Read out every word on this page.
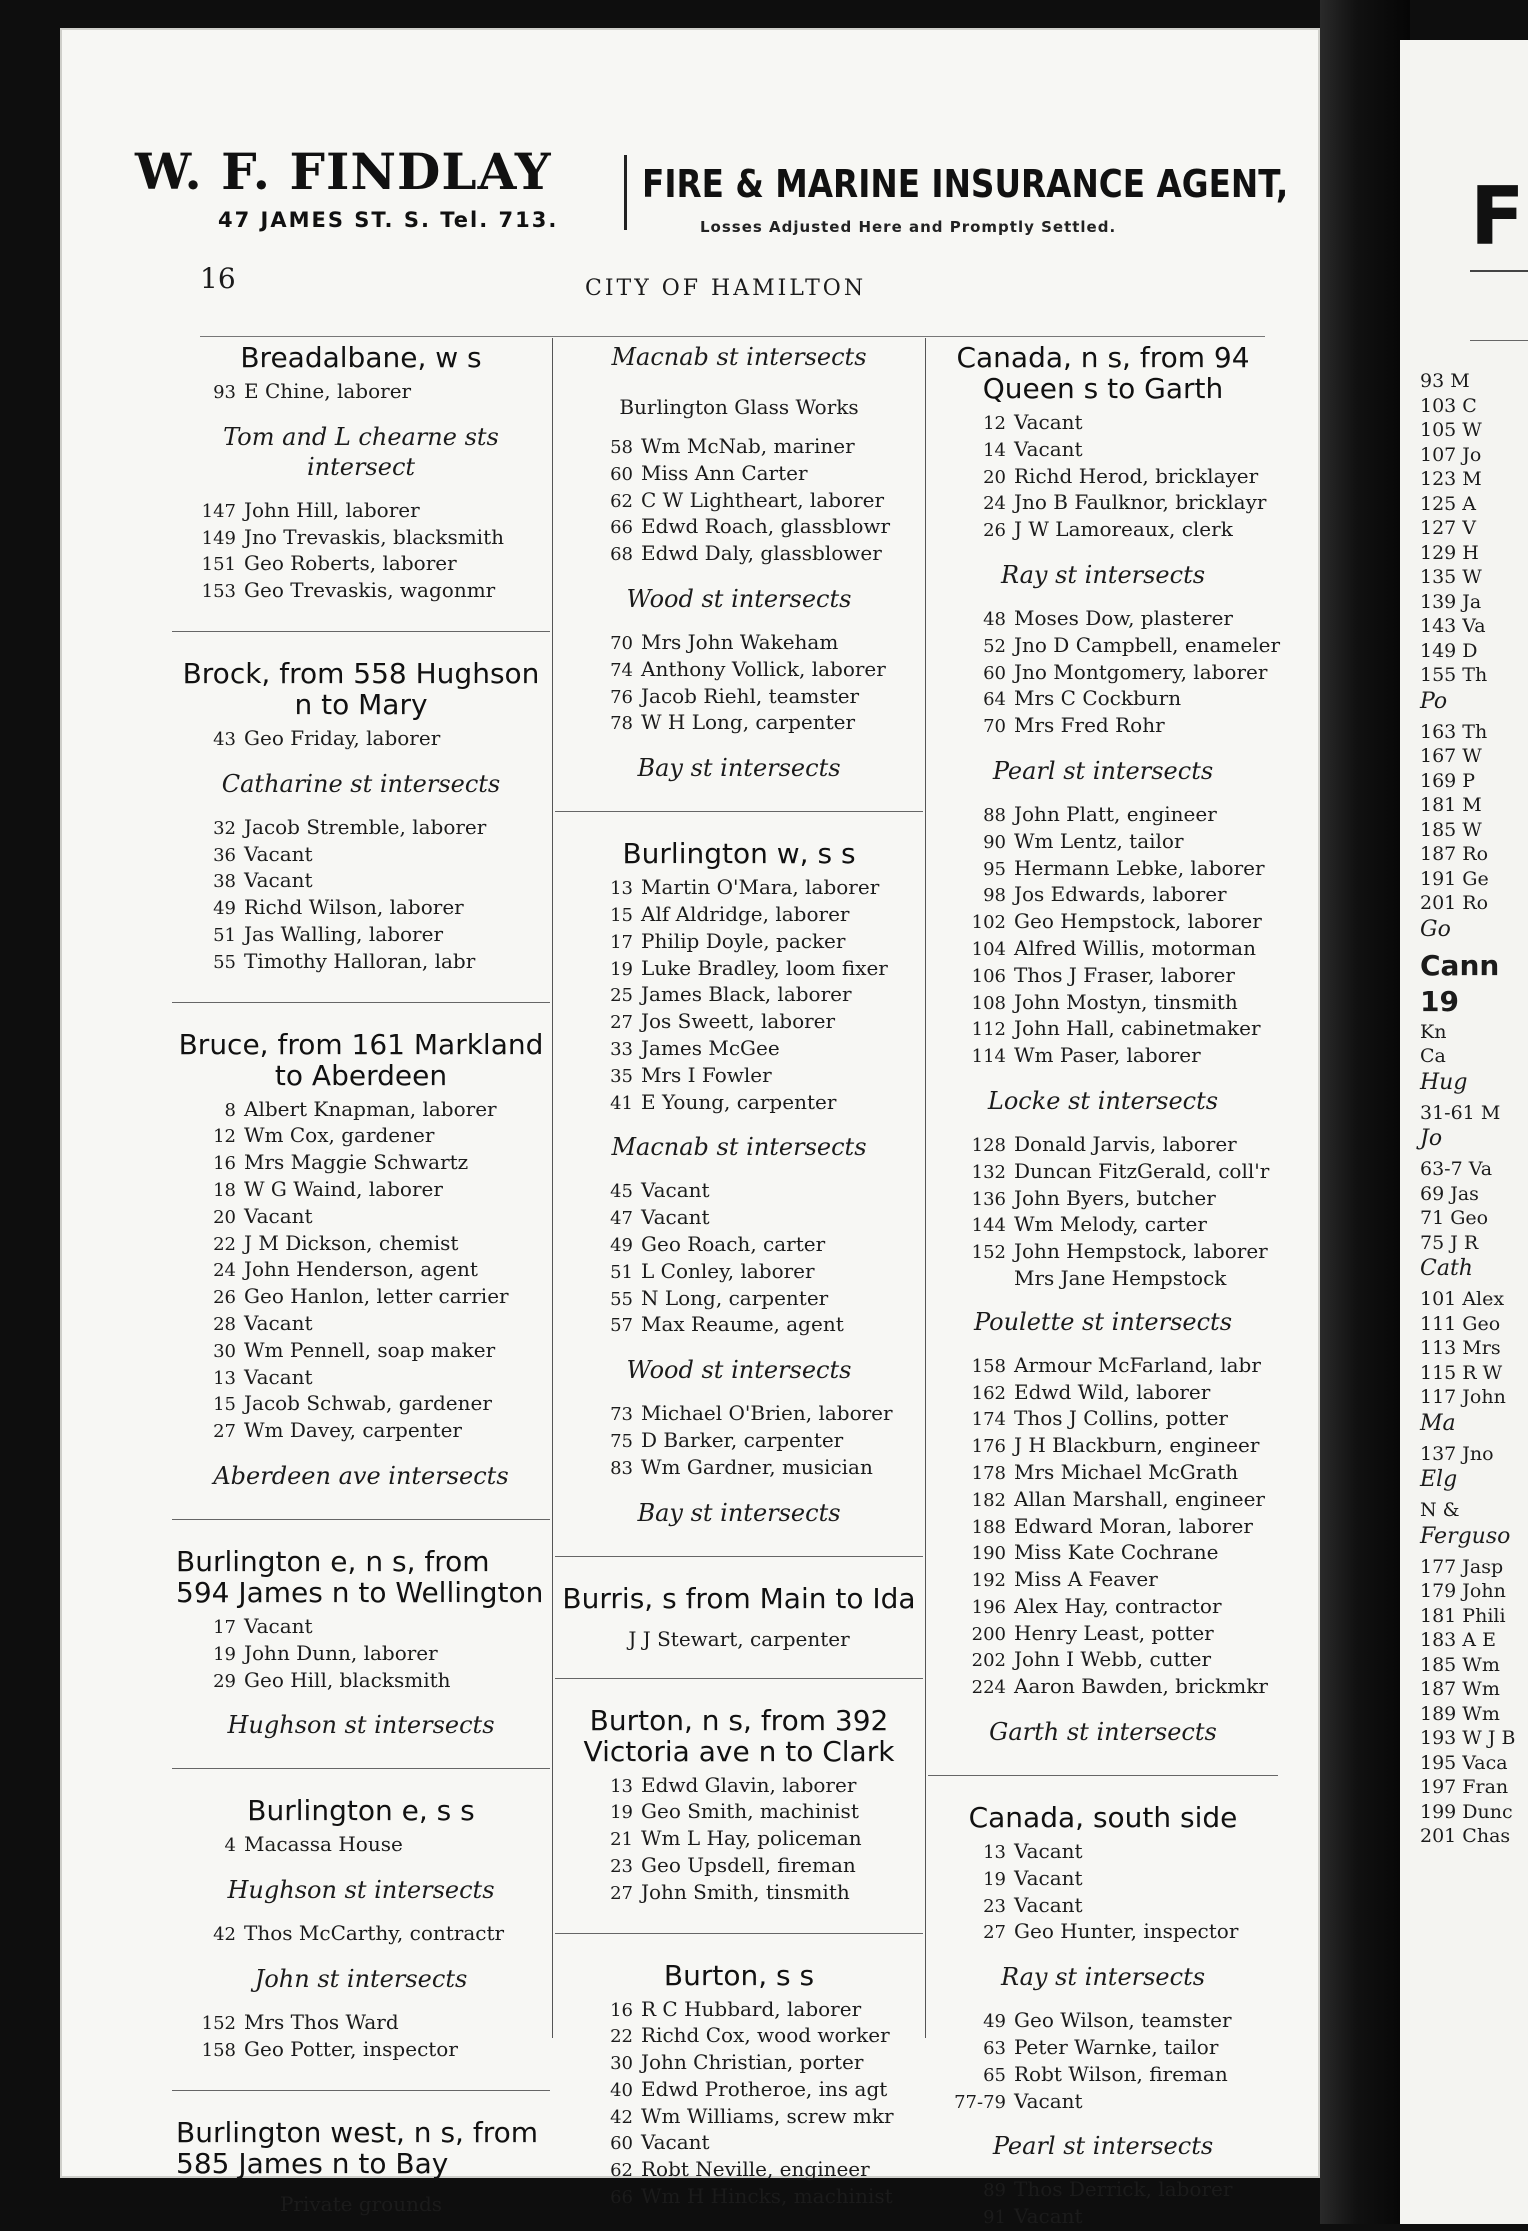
F
93 M
103 C
105 W
107 Jo
123 M
125 A
127 V
129 H
135 W
139 Ja
143 Va
149 D
155 Th
Po
163 Th
167 W
169 P
181 M
185 W
187 Ro
191 Ge
201 Ro
Go
Cann
19
Kn
Ca
Hug
31-61 M
Jo
63-7 Va
69 Jas
71 Geo
75 J R
Cath
101 Alex
111 Geo
113 Mrs
115 R W
117 John
Ma
137 Jno
Elg
N &
Ferguso
177 Jasp
179 John
181 Phili
183 A E
185 Wm
187 Wm
189 Wm
193 W J B
195 Vaca
197 Fran
199 Dunc
201 Chas
W. F. FINDLAY
47 JAMES ST. S. Tel. 713.
FIRE & MARINE INSURANCE AGENT,
Losses Adjusted Here and Promptly Settled.
16	CITY OF HAMILTON
Breadalbane, w s
93 E Chine, laborer
Tom and L chearne sts intersect
147 John Hill, laborer
149 Jno Trevaskis, blacksmith
151 Geo Roberts, laborer
153 Geo Trevaskis, wagonmr
Brock, from 558 Hughson n to Mary
43 Geo Friday, laborer
Catharine st intersects
32 Jacob Stremble, laborer
36 Vacant
38 Vacant
49 Richd Wilson, laborer
51 Jas Walling, laborer
55 Timothy Halloran, labr
Bruce, from 161 Markland to Aberdeen
8 Albert Knapman, laborer
12 Wm Cox, gardener
16 Mrs Maggie Schwartz
18 W G Waind, laborer
20 Vacant
22 J M Dickson, chemist
24 John Henderson, agent
26 Geo Hanlon, letter carrier
28 Vacant
30 Wm Pennell, soap maker
13 Vacant
15 Jacob Schwab, gardener
27 Wm Davey, carpenter
Aberdeen ave intersects
Burlington e, n s, from 594 James n to Wellington
17 Vacant
19 John Dunn, laborer
29 Geo Hill, blacksmith
Hughson st intersects
Burlington e, s s
4 Macassa House
Hughson st intersects
42 Thos McCarthy, contractr
John st intersects
152 Mrs Thos Ward
158 Geo Potter, inspector
Burlington west, n s, from 585 James n to Bay
Private grounds
Macnab st intersects
Burlington Glass Works
58 Wm McNab, mariner
60 Miss Ann Carter
62 C W Lightheart, laborer
66 Edwd Roach, glassblowr
68 Edwd Daly, glassblower
Wood st intersects
70 Mrs John Wakeham
74 Anthony Vollick, laborer
76 Jacob Riehl, teamster
78 W H Long, carpenter
Bay st intersects
Burlington w, s s
13 Martin O'Mara, laborer
15 Alf Aldridge, laborer
17 Philip Doyle, packer
19 Luke Bradley, loom fixer
25 James Black, laborer
27 Jos Sweett, laborer
33 James McGee
35 Mrs I Fowler
41 E Young, carpenter
Macnab st intersects
45 Vacant
47 Vacant
49 Geo Roach, carter
51 L Conley, laborer
55 N Long, carpenter
57 Max Reaume, agent
Wood st intersects
73 Michael O'Brien, laborer
75 D Barker, carpenter
83 Wm Gardner, musician
Bay st intersects
Burris, s from Main to Ida
J J Stewart, carpenter
Burton, n s, from 392 Victoria ave n to Clark
13 Edwd Glavin, laborer
19 Geo Smith, machinist
21 Wm L Hay, policeman
23 Geo Upsdell, fireman
27 John Smith, tinsmith
Burton, s s
16 R C Hubbard, laborer
22 Richd Cox, wood worker
30 John Christian, porter
40 Edwd Protheroe, ins agt
42 Wm Williams, screw mkr
60 Vacant
62 Robt Neville, engineer
66 Wm H Hincks, machinist
Canada, n s, from 94 Queen s to Garth
12 Vacant
14 Vacant
20 Richd Herod, bricklayer
24 Jno B Faulknor, bricklayr
26 J W Lamoreaux, clerk
Ray st intersects
48 Moses Dow, plasterer
52 Jno D Campbell, enameler
60 Jno Montgomery, laborer
64 Mrs C Cockburn
70 Mrs Fred Rohr
Pearl st intersects
88 John Platt, engineer
90 Wm Lentz, tailor
95 Hermann Lebke, laborer
98 Jos Edwards, laborer
102 Geo Hempstock, laborer
104 Alfred Willis, motorman
106 Thos J Fraser, laborer
108 John Mostyn, tinsmith
112 John Hall, cabinetmaker
114 Wm Paser, laborer
Locke st intersects
128 Donald Jarvis, laborer
132 Duncan FitzGerald, coll'r
136 John Byers, butcher
144 Wm Melody, carter
152 John Hempstock, laborer
Mrs Jane Hempstock
Poulette st intersects
158 Armour McFarland, labr
162 Edwd Wild, laborer
174 Thos J Collins, potter
176 J H Blackburn, engineer
178 Mrs Michael McGrath
182 Allan Marshall, engineer
188 Edward Moran, laborer
190 Miss Kate Cochrane
192 Miss A Feaver
196 Alex Hay, contractor
200 Henry Least, potter
202 John I Webb, cutter
224 Aaron Bawden, brickmkr
Garth st intersects
Canada, south side
13 Vacant
19 Vacant
23 Vacant
27 Geo Hunter, inspector
Ray st intersects
49 Geo Wilson, teamster
63 Peter Warnke, tailor
65 Robt Wilson, fireman
77-79 Vacant
Pearl st intersects
89 Thos Derrick, laborer
91 Vacant
